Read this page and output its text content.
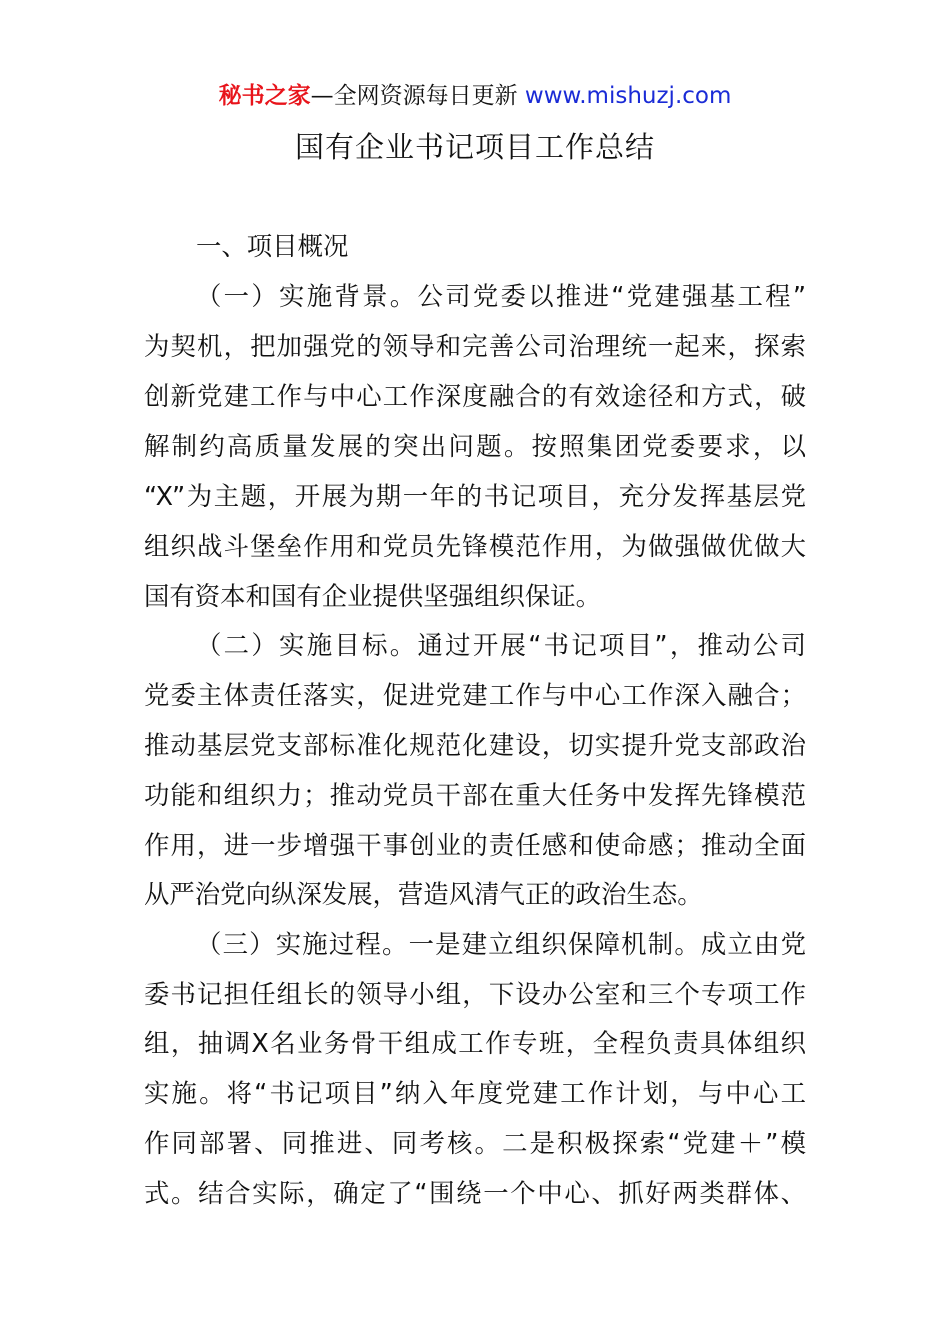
秘书之家—全网资源每日更新 www.mishuzj.com
国有企业书记项目工作总结
一、项目概况
（一）实施背景。公司党委以推进“党建强基工程”
为契机，把加强党的领导和完善公司治理统一起来，探索
创新党建工作与中心工作深度融合的有效途径和方式，破
解制约高质量发展的突出问题。按照集团党委要求，以
“X”为主题，开展为期一年的书记项目，充分发挥基层党
组织战斗堡垒作用和党员先锋模范作用，为做强做优做大
国有资本和国有企业提供坚强组织保证。
（二）实施目标。通过开展“书记项目”，推动公司
党委主体责任落实，促进党建工作与中心工作深入融合；
推动基层党支部标准化规范化建设，切实提升党支部政治
功能和组织力；推动党员干部在重大任务中发挥先锋模范
作用，进一步增强干事创业的责任感和使命感；推动全面
从严治党向纵深发展，营造风清气正的政治生态。
（三）实施过程。一是建立组织保障机制。成立由党
委书记担任组长的领导小组，下设办公室和三个专项工作
组，抽调X名业务骨干组成工作专班，全程负责具体组织
实施。将“书记项目”纳入年度党建工作计划，与中心工
作同部署、同推进、同考核。二是积极探索“党建＋”模
式。结合实际，确定了“围绕一个中心、抓好两类群体、
